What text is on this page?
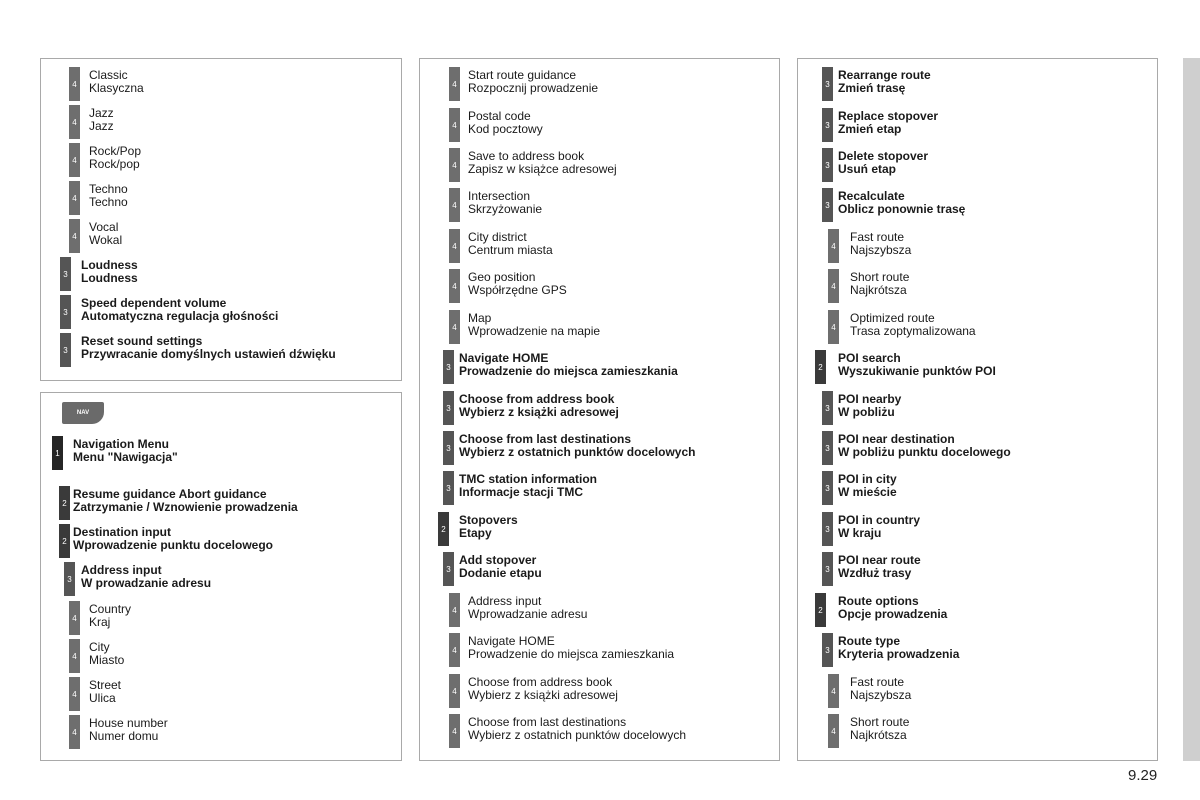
NAV
9.29
4
Classic
Klasyczna
4
Jazz
Jazz
4
Rock/Pop
Rock/pop
4
Techno
Techno
4
Vocal
Wokal
3
Loudness
Loudness
3
Speed dependent volume
Automatyczna regulacja głośności
3
Reset sound settings
Przywracanie domyślnych ustawień dźwięku
1
Navigation Menu
Menu "Nawigacja"
2
Resume guidance Abort guidance
Zatrzymanie / Wznowienie prowadzenia
2
Destination input
Wprowadzenie punktu docelowego
3
Address input
W prowadzanie adresu
4
Country
Kraj
4
City
Miasto
4
Street
Ulica
4
House number
Numer domu
4
Start route guidance
Rozpocznij prowadzenie
4
Postal code
Kod pocztowy
4
Save to address book
Zapisz w książce adresowej
4
Intersection
Skrzyżowanie
4
City district
Centrum miasta
4
Geo position
Współrzędne GPS
4
Map
Wprowadzenie na mapie
3
Navigate HOME
Prowadzenie do miejsca zamieszkania
3
Choose from address book
Wybierz z książki adresowej
3
Choose from last destinations
Wybierz z ostatnich punktów docelowych
3
TMC station information
Informacje stacji TMC
2
Stopovers
Etapy
3
Add stopover
Dodanie etapu
4
Address input
Wprowadzanie adresu
4
Navigate HOME
Prowadzenie do miejsca zamieszkania
4
Choose from address book
Wybierz z książki adresowej
4
Choose from last destinations
Wybierz z ostatnich punktów docelowych
3
Rearrange route
Zmień trasę
3
Replace stopover
Zmień etap
3
Delete stopover
Usuń etap
3
Recalculate
Oblicz ponownie trasę
4
Fast route
Najszybsza
4
Short route
Najkrótsza
4
Optimized route
Trasa zoptymalizowana
2
POI search
Wyszukiwanie punktów POI
3
POI nearby
W pobliżu
3
POI near destination
W pobliżu punktu docelowego
3
POI in city
W mieście
3
POI in country
W kraju
3
POI near route
Wzdłuż trasy
2
Route options
Opcje prowadzenia
3
Route type
Kryteria prowadzenia
4
Fast route
Najszybsza
4
Short route
Najkrótsza
